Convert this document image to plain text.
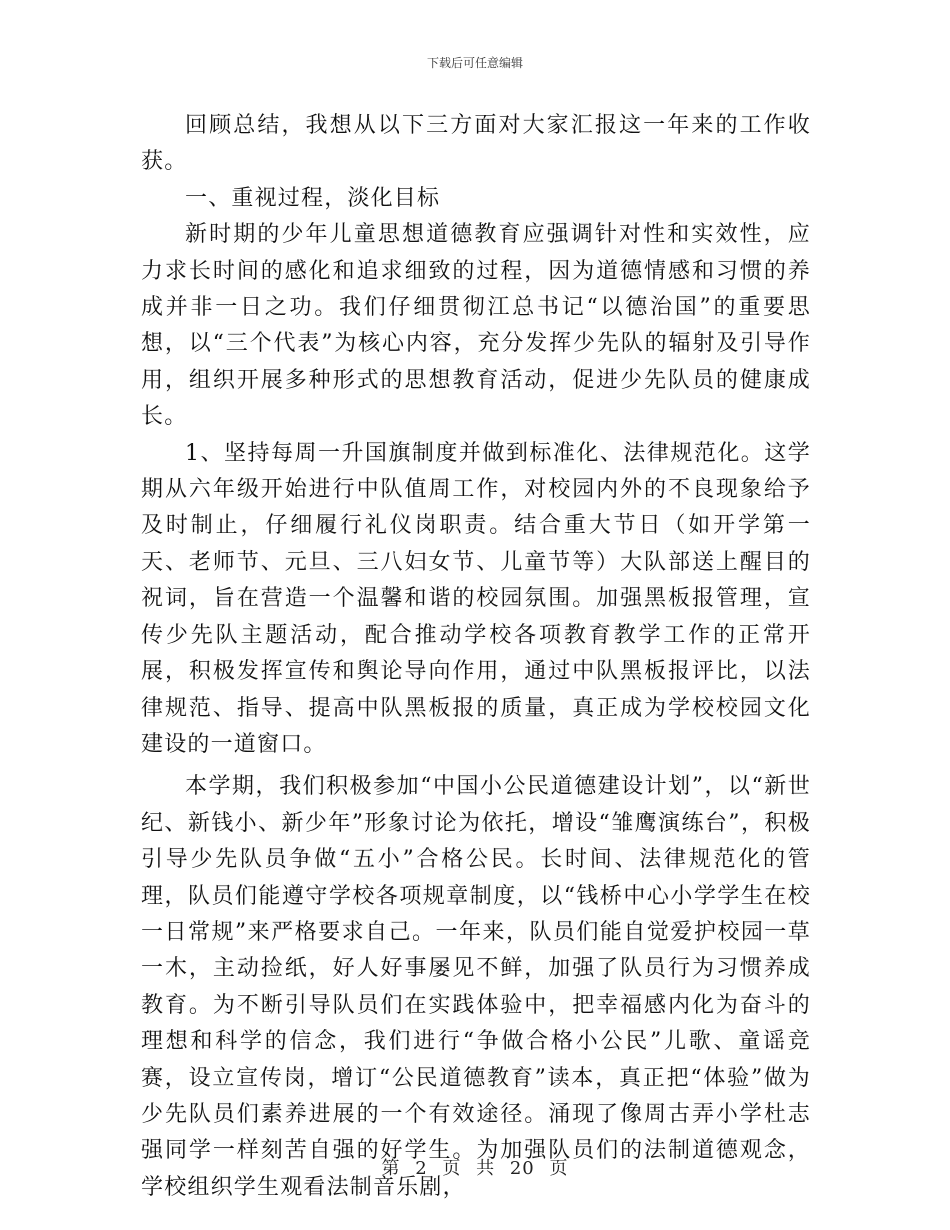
下载后可任意编辑

回顾总结，我想从以下三方面对大家汇报这一年来的工作收获。

一、重视过程，淡化目标

新时期的少年儿童思想道德教育应强调针对性和实效性，应力求长时间的感化和追求细致的过程，因为道德情感和习惯的养成并非一日之功。我们仔细贯彻江总书记“以德治国”的重要思想，以“三个代表”为核心内容，充分发挥少先队的辐射及引导作用，组织开展多种形式的思想教育活动，促进少先队员的健康成长。

1、坚持每周一升国旗制度并做到标准化、法律规范化。这学期从六年级开始进行中队值周工作，对校园内外的不良现象给予及时制止，仔细履行礼仪岗职责。结合重大节日（如开学第一天、老师节、元旦、三八妇女节、儿童节等）大队部送上醒目的祝词，旨在营造一个温馨和谐的校园氛围。加强黑板报管理，宣传少先队主题活动，配合推动学校各项教育教学工作的正常开展，积极发挥宣传和舆论导向作用，通过中队黑板报评比，以法律规范、指导、提高中队黑板报的质量，真正成为学校校园文化建设的一道窗口。

本学期，我们积极参加“中国小公民道德建设计划”，以“新世纪、新钱小、新少年”形象讨论为依托，增设“雏鹰演练台”，积极引导少先队员争做“五小”合格公民。长时间、法律规范化的管理，队员们能遵守学校各项规章制度，以“钱桥中心小学学生在校一日常规”来严格要求自己。一年来，队员们能自觉爱护校园一草一木，主动捡纸，好人好事屡见不鲜，加强了队员行为习惯养成教育。为不断引导队员们在实践体验中，把幸福感内化为奋斗的理想和科学的信念，我们进行“争做合格小公民”儿歌、童谣竞赛，设立宣传岗，增订“公民道德教育”读本，真正把“体验”做为少先队员们素养进展的一个有效途径。涌现了像周古弄小学杜志强同学一样刻苦自强的好学生。为加强队员们的法制道德观念，学校组织学生观看法制音乐剧，

第 2 页 共 20 页
